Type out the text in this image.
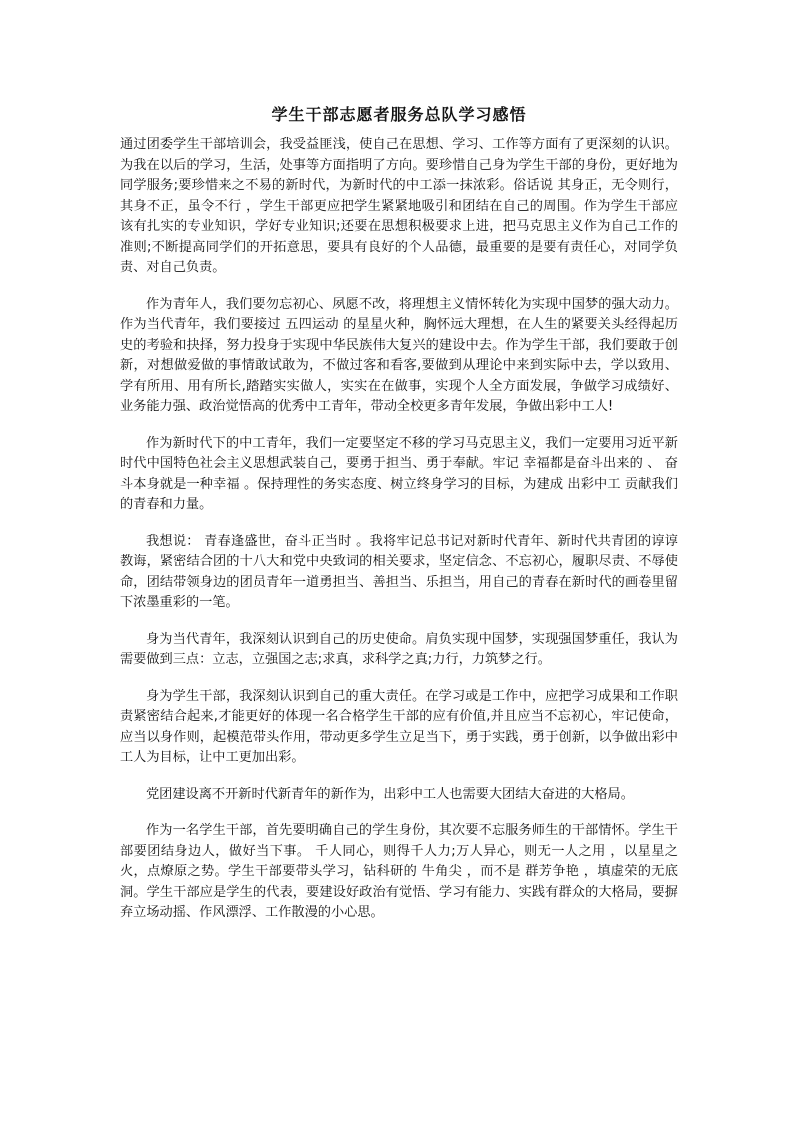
学生干部志愿者服务总队学习感悟

通过团委学生干部培训会，我受益匪浅，使自己在思想、学习、工作等方面有了更深刻的认识。为我在以后的学习，生活，处事等方面指明了方向。要珍惜自己身为学生干部的身份，更好地为同学服务;要珍惜来之不易的新时代，为新时代的中工添一抹浓彩。俗话说 其身正，无令则行，其身不正，虽令不行 ，学生干部更应把学生紧紧地吸引和团结在自己的周围。作为学生干部应该有扎实的专业知识，学好专业知识;还要在思想积极要求上进，把马克思主义作为自己工作的准则;不断提高同学们的开拓意思，要具有良好的个人品德，最重要的是要有责任心，对同学负责、对自己负责。

作为青年人，我们要勿忘初心、夙愿不改，将理想主义情怀转化为实现中国梦的强大动力。作为当代青年，我们要接过 五四运动 的星星火种，胸怀远大理想，在人生的紧要关头经得起历史的考验和抉择，努力投身于实现中华民族伟大复兴的建设中去。作为学生干部，我们要敢于创新，对想做爱做的事情敢试敢为，不做过客和看客,要做到从理论中来到实际中去，学以致用、学有所用、用有所长,踏踏实实做人，实实在在做事，实现个人全方面发展，争做学习成绩好、业务能力强、政治觉悟高的优秀中工青年，带动全校更多青年发展，争做出彩中工人!

作为新时代下的中工青年，我们一定要坚定不移的学习马克思主义，我们一定要用习近平新时代中国特色社会主义思想武装自己，要勇于担当、勇于奉献。牢记 幸福都是奋斗出来的 、 奋斗本身就是一种幸福 。保持理性的务实态度、树立终身学习的目标，为建成 出彩中工 贡献我们的青春和力量。

我想说： 青春逢盛世，奋斗正当时 。我将牢记总书记对新时代青年、新时代共青团的谆谆教诲，紧密结合团的十八大和党中央致词的相关要求，坚定信念、不忘初心，履职尽责、不辱使命，团结带领身边的团员青年一道勇担当、善担当、乐担当，用自己的青春在新时代的画卷里留下浓墨重彩的一笔。

身为当代青年，我深刻认识到自己的历史使命。肩负实现中国梦，实现强国梦重任，我认为需要做到三点：立志，立强国之志;求真，求科学之真;力行，力筑梦之行。

身为学生干部，我深刻认识到自己的重大责任。在学习或是工作中，应把学习成果和工作职责紧密结合起来,才能更好的体现一名合格学生干部的应有价值,并且应当不忘初心，牢记使命，应当以身作则，起模范带头作用，带动更多学生立足当下，勇于实践，勇于创新，以争做出彩中工人为目标，让中工更加出彩。

党团建设离不开新时代新青年的新作为，出彩中工人也需要大团结大奋进的大格局。

作为一名学生干部，首先要明确自己的学生身份，其次要不忘服务师生的干部情怀。学生干部要团结身边人，做好当下事。 千人同心，则得千人力;万人异心，则无一人之用 ，以星星之火，点燎原之势。学生干部要带头学习，钻科研的 牛角尖 ，而不是 群芳争艳 ，填虚荣的无底洞。学生干部应是学生的代表，要建设好政治有觉悟、学习有能力、实践有群众的大格局，要摒弃立场动摇、作风漂浮、工作散漫的小心思。
